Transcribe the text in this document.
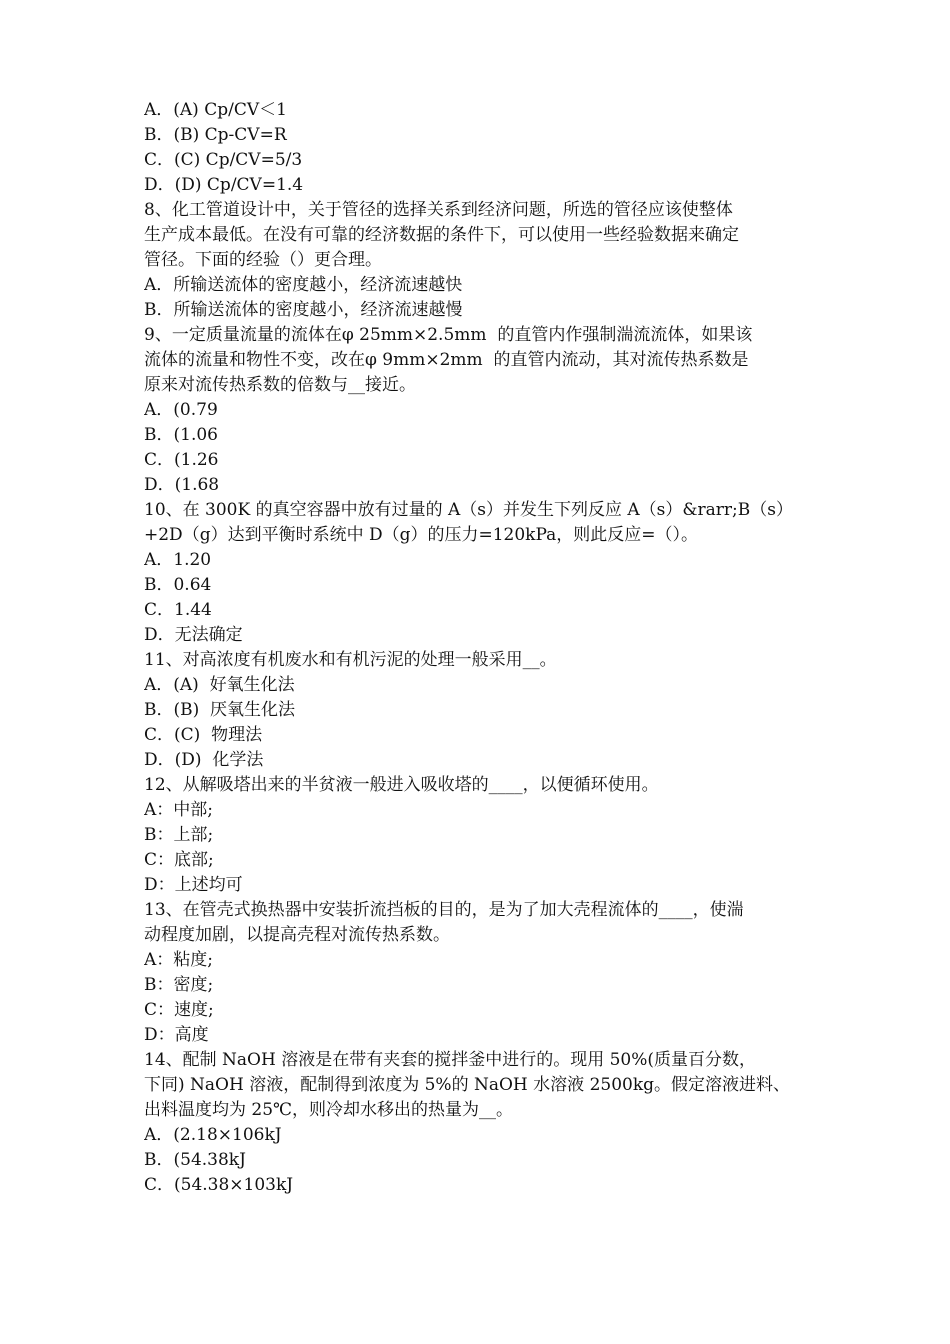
A．(A) Cp/CV＜1
B．(B) Cp-CV=R
C．(C) Cp/CV=5/3
D．(D) Cp/CV=1.4
8、化工管道设计中，关于管径的选择关系到经济问题，所选的管径应该使整体
生产成本最低。在没有可靠的经济数据的条件下，可以使用一些经验数据来确定
管径。下面的经验（）更合理。
A．所输送流体的密度越小，经济流速越快
B．所输送流体的密度越小，经济流速越慢
9、一定质量流量的流体在φ 25mm×2.5mm  的直管内作强制湍流流体，如果该
流体的流量和物性不变，改在φ 9mm×2mm  的直管内流动，其对流传热系数是
原来对流传热系数的倍数与__接近。
A．(0.79
B．(1.06
C．(1.26
D．(1.68
10、在 300K 的真空容器中放有过量的 A（s）并发生下列反应 A（s）&rarr;B（s）
+2D（g）达到平衡时系统中 D（g）的压力=120kPa，则此反应=（）。
A．1.20
B．0.64
C．1.44
D．无法确定
11、对高浓度有机废水和有机污泥的处理一般采用__。
A．(A)  好氧生化法
B．(B)  厌氧生化法
C．(C)  物理法
D．(D)  化学法
12、从解吸塔出来的半贫液一般进入吸收塔的____，以便循环使用。
A：中部;
B：上部;
C：底部;
D：上述均可
13、在管壳式换热器中安装折流挡板的目的，是为了加大壳程流体的____，使湍
动程度加剧，以提高壳程对流传热系数。
A：粘度;
B：密度;
C：速度;
D：高度
14、配制 NaOH 溶液是在带有夹套的搅拌釜中进行的。现用 50%(质量百分数，
下同) NaOH 溶液，配制得到浓度为 5%的 NaOH 水溶液 2500kg。假定溶液进料、
出料温度均为 25℃，则冷却水移出的热量为__。
A．(2.18×106kJ
B．(54.38kJ
C．(54.38×103kJ
